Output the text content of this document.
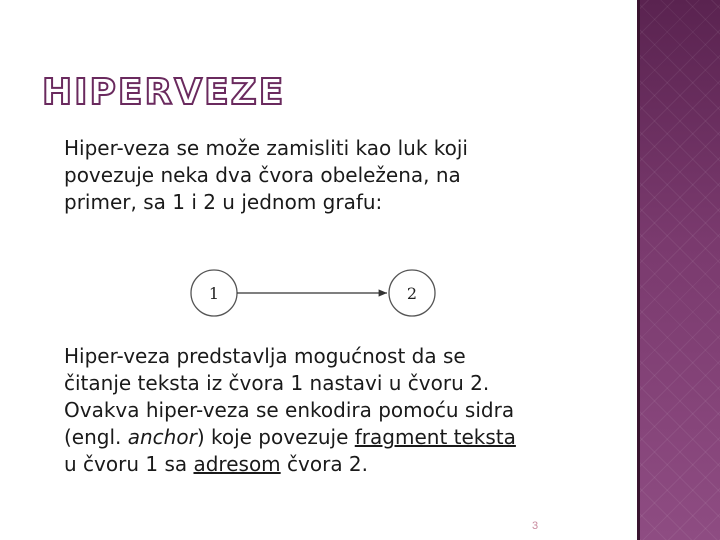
HIPERVEZE
Hiper-veza se može zamisliti kao luk koji
povezuje neka dva čvora obeležena, na
primer, sa 1 i 2 u jednom grafu:
1	2
Hiper-veza predstavlja mogućnost da se
čitanje teksta iz čvora 1 nastavi u čvoru 2.
Ovakva hiper-veza se enkodira pomoću sidra
(engl. anchor) koje povezuje fragment teksta
u čvoru 1 sa adresom čvora 2.
3
